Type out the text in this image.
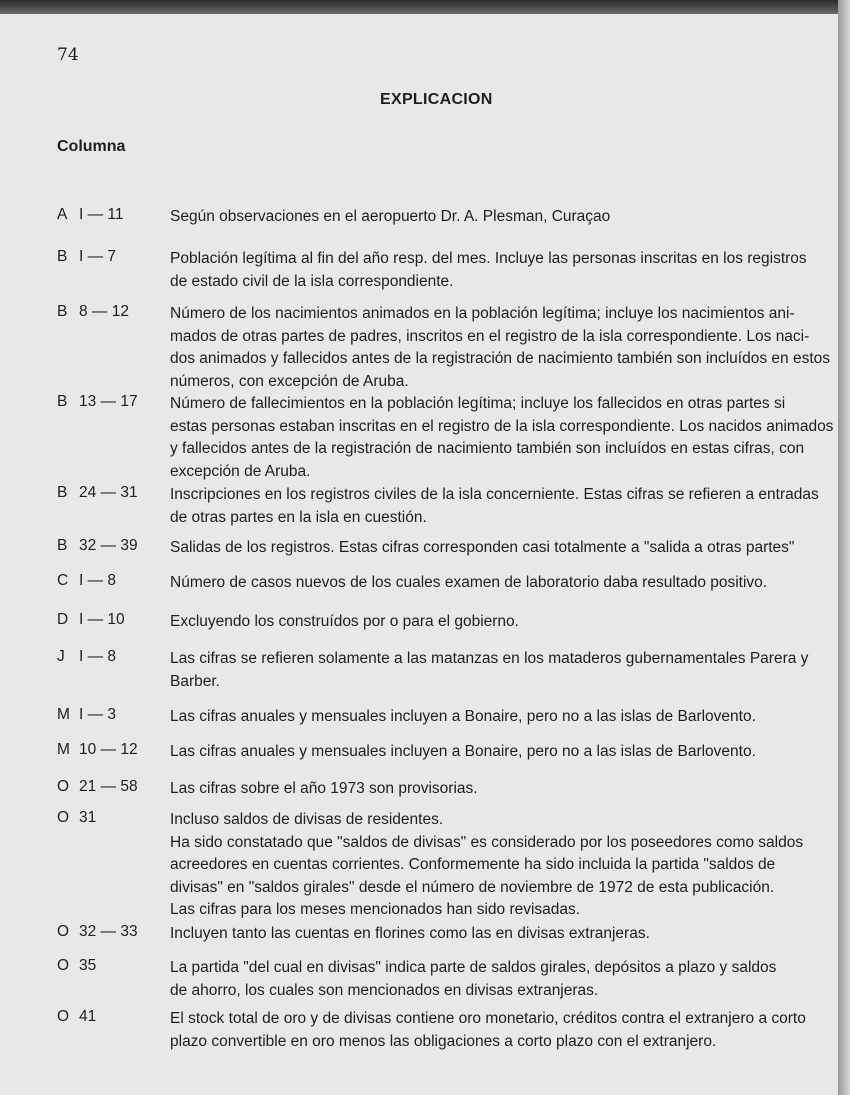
74
EXPLICACION
Columna
A I — 11	Según observaciones en el aeropuerto Dr. A. Plesman, Curaçao
B I — 7	Población legítima al fin del año resp. del mes. Incluye las personas inscritas en los registros
de estado civil de la isla correspondiente.
B 8 — 12	Número de los nacimientos animados en la población legítima; incluye los nacimientos ani-
mados de otras partes de padres, inscritos en el registro de la isla correspondiente. Los naci-
dos animados y fallecidos antes de la registración de nacimiento también son incluídos en estos
números, con excepción de Aruba.
B 13 — 17 Número de fallecimientos en la población legítima; incluye los fallecidos en otras partes si
estas personas estaban inscritas en el registro de la isla correspondiente. Los nacidos animados
y fallecidos antes de la registración de nacimiento también son incluídos en estas cifras, con
excepción de Aruba.
B 24 — 31 Inscripciones en los registros civiles de la isla concerniente. Estas cifras se refieren a entradas
de otras partes en la isla en cuestión.
B 32 — 39 Salidas de los registros. Estas cifras corresponden casi totalmente a "salida a otras partes"
C I — 8	Número de casos nuevos de los cuales examen de laboratorio daba resultado positivo.
D I — 10	Excluyendo los construídos por o para el gobierno.
J I — 8	Las cifras se refieren solamente a las matanzas en los mataderos gubernamentales Parera y
Barber.
M I — 3	Las cifras anuales y mensuales incluyen a Bonaire, pero no a las islas de Barlovento.
M 10 — 12 Las cifras anuales y mensuales incluyen a Bonaire, pero no a las islas de Barlovento.
O 21 — 58 Las cifras sobre el año 1973 son provisorias.
O 31	Incluso saldos de divisas de residentes.
Ha sido constatado que "saldos de divisas" es considerado por los poseedores como saldos
acreedores en cuentas corrientes. Conformemente ha sido incluida la partida "saldos de
divisas" en "saldos girales" desde el número de noviembre de 1972 de esta publicación.
Las cifras para los meses mencionados han sido revisadas.
O 32 — 33 Incluyen tanto las cuentas en florines como las en divisas extranjeras.
O 35	La partida "del cual en divisas" indica parte de saldos girales, depósitos a plazo y saldos
de ahorro, los cuales son mencionados en divisas extranjeras.
O 41	El stock total de oro y de divisas contiene oro monetario, créditos contra el extranjero a corto
plazo convertible en oro menos las obligaciones a corto plazo con el extranjero.
